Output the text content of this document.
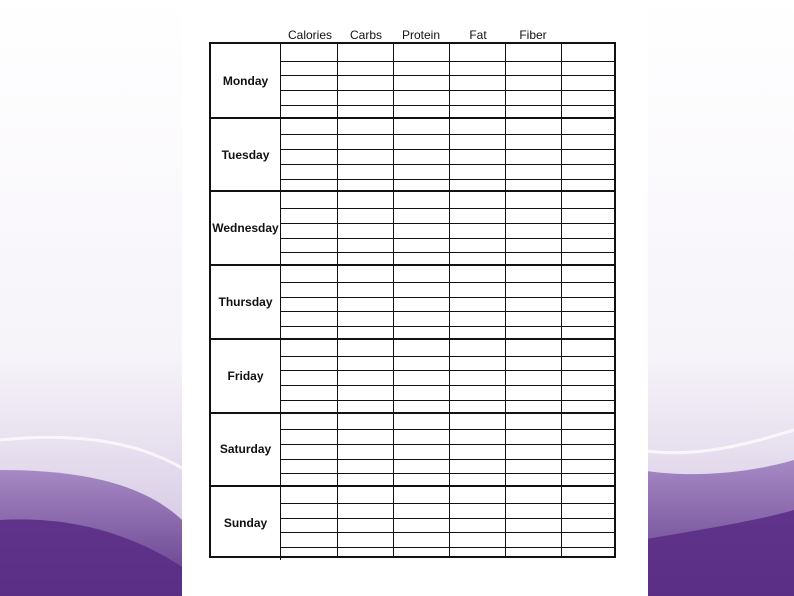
Calories Carbs Protein Fat	Fiber
Monday
Tuesday
Wednesday
Thursday
Friday
Saturday
Sunday
